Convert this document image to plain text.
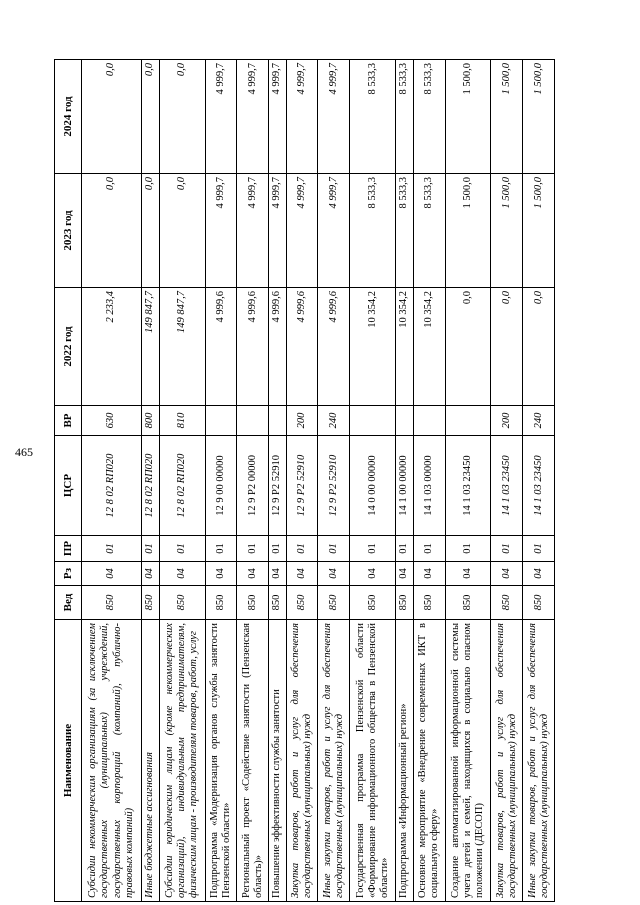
465
Наименование	Вед	Рз	ПР	ЦСР	ВР	2022 год	2023 год	2024 год
Субсидии некоммерческим организациям (за исключением государственных (муниципальных) учреждений, государственных корпораций (компаний), публично-правовых компаний)	850	04	01	12 8 02 RП020	630	2 233,4	0,0	0,0
Иные бюджетные ассигнования	850	04	01	12 8 02 RП020	800	149 847,7	0,0	0,0
Субсидии юридическим лицам (кроме некоммерческих организаций), индивидуальным предпринимателям, физическим лицам - производителям товаров, работ, услуг	850	04	01	12 8 02 RП020	810	149 847,7	0,0	0,0
Подпрограмма «Модернизация органов службы занятости Пензенской области»	850	04	01	12 9 00 00000		4 999,6	4 999,7	4 999,7
Региональный проект «Содействие занятости (Пензенская область)»	850	04	01	12 9 P2 00000		4 999,6	4 999,7	4 999,7
Повышение эффективности службы занятости	850	04	01	12 9 P2 52910		4 999,6	4 999,7	4 999,7
Закупка товаров, работ и услуг для обеспечения государственных (муниципальных) нужд	850	04	01	12 9 P2 52910	200	4 999,6	4 999,7	4 999,7
Иные закупки товаров, работ и услуг для обеспечения государственных (муниципальных) нужд	850	04	01	12 9 P2 52910	240	4 999,6	4 999,7	4 999,7
Государственная программа Пензенской области «Формирование информационного общества в Пензенской области»	850	04	01	14 0 00 00000		10 354,2	8 533,3	8 533,3
Подпрограмма «Информационный регион»	850	04	01	14 1 00 00000		10 354,2	8 533,3	8 533,3
Основное мероприятие «Внедрение современных ИКТ в социальную сферу»	850	04	01	14 1 03 00000		10 354,2	8 533,3	8 533,3
Создание автоматизированной информационной системы учета детей и семей, находящихся в социально опасном положении (ДЕСОП)	850	04	01	14 1 03 23450		0,0	1 500,0	1 500,0
Закупка товаров, работ и услуг для обеспечения государственных (муниципальных) нужд	850	04	01	14 1 03 23450	200	0,0	1 500,0	1 500,0
Иные закупки товаров, работ и услуг для обеспечения государственных (муниципальных) нужд	850	04	01	14 1 03 23450	240	0,0	1 500,0	1 500,0
